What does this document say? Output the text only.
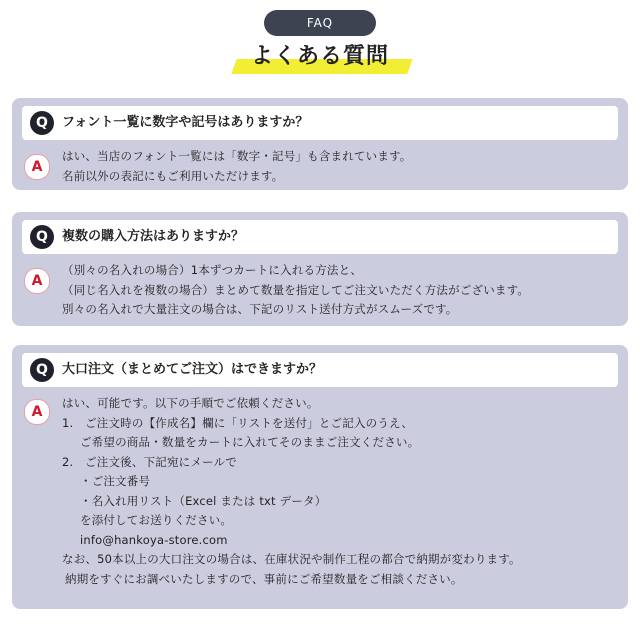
FAQ
よくある質問
Q	フォント一覧に数字や記号はありますか？
A
はい、当店のフォント一覧には「数字・記号」も含まれています。
名前以外の表記にもご利用いただけます。
Q	複数の購入方法はありますか？
A
（別々の名入れの場合）1本ずつカートに入れる方法と、
（同じ名入れを複数の場合）まとめて数量を指定してご注文いただく方法がございます。
別々の名入れで大量注文の場合は、下記のリスト送付方式がスムーズです。
Q	大口注文（まとめてご注文）はできますか？
A
はい、可能です。以下の手順でご依頼ください。
1.　ご注文時の【作成名】欄に「リストを送付」とご記入のうえ、
ご希望の商品・数量をカートに入れてそのままご注文ください。
2.　ご注文後、下記宛にメールで
・ご注文番号
・名入れ用リスト（Excel または txt データ）
を添付してお送りください。
info@hankoya-store.com
なお、50本以上の大口注文の場合は、在庫状況や制作工程の都合で納期が変わります。
納期をすぐにお調べいたしますので、事前にご希望数量をご相談ください。
